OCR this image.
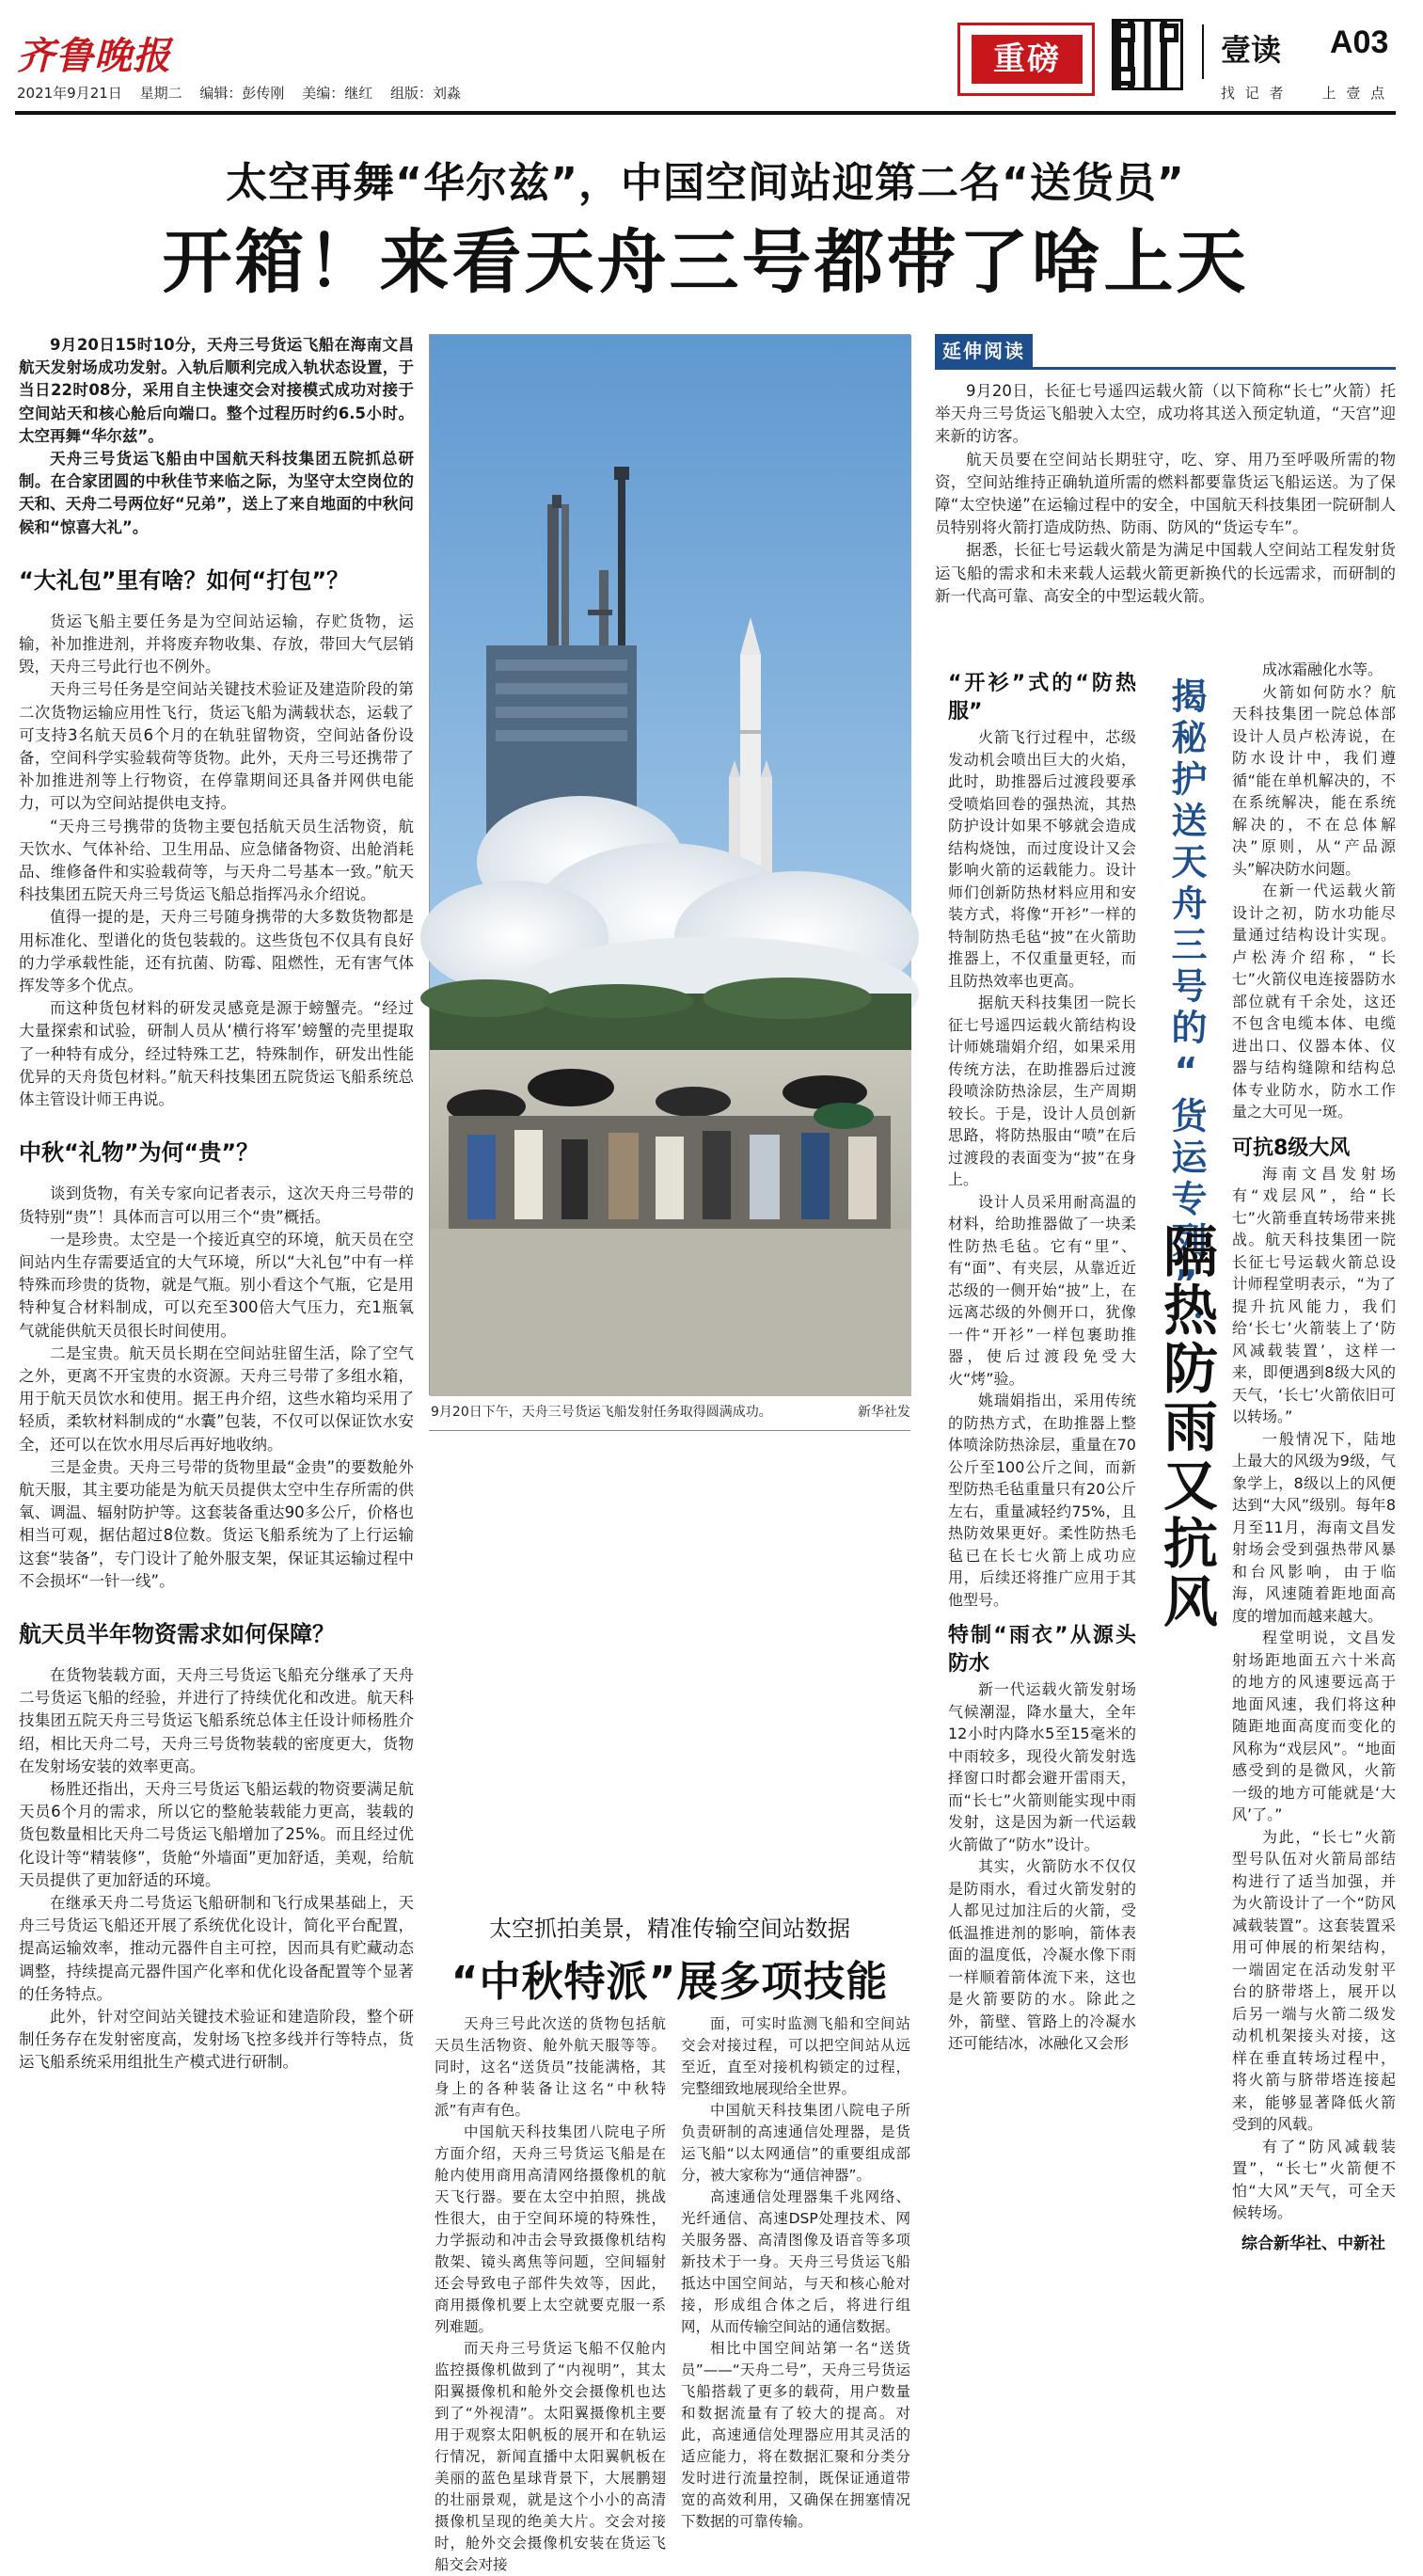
齐鲁晚报
2021年9月21日 星期二 编辑：彭传刚 美编：继红 组版：刘淼
重磅	壹读 A03
找 记 者	上 壹 点
太空再舞“华尔兹”，中国空间站迎第二名“送货员”
开箱！来看天舟三号都带了啥上天

9月20日15时10分，天舟三号货运飞船在海南文昌航天发射场成功发射。入轨后顺利完成入轨状态设置，于当日22时08分，采用自主快速交会对接模式成功对接于空间站天和核心舱后向端口。整个过程历时约6.5小时。太空再舞“华尔兹”。

天舟三号货运飞船由中国航天科技集团五院抓总研制。在合家团圆的中秋佳节来临之际，为坚守太空岗位的天和、天舟二号两位好“兄弟”，送上了来自地面的中秋问候和“惊喜大礼”。

“大礼包”里有啥？如何“打包”？

货运飞船主要任务是为空间站运输，存贮货物，运输，补加推进剂，并将废弃物收集、存放，带回大气层销毁，天舟三号此行也不例外。

天舟三号任务是空间站关键技术验证及建造阶段的第二次货物运输应用性飞行，货运飞船为满载状态，运载了可支持3名航天员6个月的在轨驻留物资，空间站备份设备，空间科学实验载荷等货物。此外，天舟三号还携带了补加推进剂等上行物资，在停靠期间还具备并网供电能力，可以为空间站提供电支持。

“天舟三号携带的货物主要包括航天员生活物资，航天饮水、气体补给、卫生用品、应急储备物资、出舱消耗品、维修备件和实验载荷等，与天舟二号基本一致。”航天科技集团五院天舟三号货运飞船总指挥冯永介绍说。

值得一提的是，天舟三号随身携带的大多数货物都是用标准化、型谱化的货包装载的。这些货包不仅具有良好的力学承载性能，还有抗菌、防霉、阻燃性，无有害气体挥发等多个优点。

而这种货包材料的研发灵感竟是源于螃蟹壳。“经过大量探索和试验，研制人员从‘横行将军’螃蟹的壳里提取了一种特有成分，经过特殊工艺，特殊制作，研发出性能优异的天舟货包材料。”航天科技集团五院货运飞船系统总体主管设计师王冉说。

中秋“礼物”为何“贵”？

谈到货物，有关专家向记者表示，这次天舟三号带的货特别“贵”！具体而言可以用三个“贵”概括。

一是珍贵。太空是一个接近真空的环境，航天员在空间站内生存需要适宜的大气环境，所以“大礼包”中有一样特殊而珍贵的货物，就是气瓶。别小看这个气瓶，它是用特种复合材料制成，可以充至300倍大气压力，充1瓶氧气就能供航天员很长时间使用。

二是宝贵。航天员长期在空间站驻留生活，除了空气之外，更离不开宝贵的水资源。天舟三号带了多组水箱，用于航天员饮水和使用。据王冉介绍，这些水箱均采用了轻质，柔软材料制成的“水囊”包装，不仅可以保证饮水安全，还可以在饮水用尽后再好地收纳。

三是金贵。天舟三号带的货物里最“金贵”的要数舱外航天服，其主要功能是为航天员提供太空中生存所需的供氧、调温、辐射防护等。这套装备重达90多公斤，价格也相当可观，据估超过8位数。货运飞船系统为了上行运输这套“装备”，专门设计了舱外服支架，保证其运输过程中不会损坏“一针一线”。

航天员半年物资需求如何保障？

在货物装载方面，天舟三号货运飞船充分继承了天舟二号货运飞船的经验，并进行了持续优化和改进。航天科技集团五院天舟三号货运飞船系统总体主任设计师杨胜介绍，相比天舟二号，天舟三号货物装载的密度更大，货物在发射场安装的效率更高。

杨胜还指出，天舟三号货运飞船运载的物资要满足航天员6个月的需求，所以它的整舱装载能力更高，装载的货包数量相比天舟二号货运飞船增加了25%。而且经过优化设计等“精装修”，货舱“外墙面”更加舒适，美观，给航天员提供了更加舒适的环境。

在继承天舟二号货运飞船研制和飞行成果基础上，天舟三号货运飞船还开展了系统优化设计，简化平台配置，提高运输效率，推动元器件自主可控，因而具有贮藏动态调整，持续提高元器件国产化率和优化设备配置等个显著的任务特点。

此外，针对空间站关键技术验证和建造阶段，整个研制任务存在发射密度高，发射场飞控多线并行等特点，货运飞船系统采用组批生产模式进行研制。

9月20日下午，天舟三号货运飞船发射任务取得圆满成功。	新华社发
太空抓拍美景，精准传输空间站数据
“中秋特派”展多项技能

天舟三号此次送的货物包括航天员生活物资、舱外航天服等等。同时，这名“送货员”技能满格，其身上的各种装备让这名“中秋特派”有声有色。

中国航天科技集团八院电子所方面介绍，天舟三号货运飞船是在舱内使用商用高清网络摄像机的航天飞行器。要在太空中拍照，挑战性很大，由于空间环境的特殊性，力学振动和冲击会导致摄像机结构散架、镜头离焦等问题，空间辐射还会导致电子部件失效等，因此，商用摄像机要上太空就要克服一系列难题。

而天舟三号货运飞船不仅舱内监控摄像机做到了“内视明”，其太阳翼摄像机和舱外交会摄像机也达到了“外视清”。太阳翼摄像机主要用于观察太阳帆板的展开和在轨运行情况，新闻直播中太阳翼帆板在美丽的蓝色星球背景下，大展鹏翅的壮丽景观，就是这个小小的高清摄像机呈现的绝美大片。交会对接时，舱外交会摄像机安装在货运飞船交会对接

面，可实时监测飞船和空间站交会对接过程，可以把空间站从远至近，直至对接机构锁定的过程，完整细致地展现给全世界。

中国航天科技集团八院电子所负责研制的高速通信处理器，是货运飞船“以太网通信”的重要组成部分，被大家称为“通信神器”。

高速通信处理器集千兆网络、光纤通信、高速DSP处理技术、网关服务器、高清图像及语音等多项新技术于一身。天舟三号货运飞船抵达中国空间站，与天和核心舱对接，形成组合体之后，将进行组网，从而传输空间站的通信数据。

相比中国空间站第一名“送货员”——“天舟二号”，天舟三号货运飞船搭载了更多的载荷，用户数量和数据流量有了较大的提高。对此，高速通信处理器应用其灵活的适应能力，将在数据汇聚和分类分发时进行流量控制，既保证通道带宽的高效利用，又确保在拥塞情况下数据的可靠传输。

延伸阅读

9月20日，长征七号遥四运载火箭（以下简称“长七”火箭）托举天舟三号货运飞船驶入太空，成功将其送入预定轨道，“天宫”迎来新的访客。

航天员要在空间站长期驻守，吃、穿、用乃至呼吸所需的物资，空间站维持正确轨道所需的燃料都要靠货运飞船运送。为了保障“太空快递”在运输过程中的安全，中国航天科技集团一院研制人员特别将火箭打造成防热、防雨、防风的“货运专车”。

据悉，长征七号运载火箭是为满足中国载人空间站工程发射货运飞船的需求和未来载人运载火箭更新换代的长远需求，而研制的新一代高可靠、高安全的中型运载火箭。

“开衫”式的“防热服”

火箭飞行过程中，芯级发动机会喷出巨大的火焰，此时，助推器后过渡段要承受喷焰回卷的强热流，其热防护设计如果不够就会造成结构烧蚀，而过度设计又会影响火箭的运载能力。设计师们创新防热材料应用和安装方式，将像“开衫”一样的特制防热毛毡“披”在火箭助推器上，不仅重量更轻，而且防热效率也更高。

据航天科技集团一院长征七号遥四运载火箭结构设计师姚瑞娟介绍，如果采用传统方法，在助推器后过渡段喷涂防热涂层，生产周期较长。于是，设计人员创新思路，将防热服由“喷”在后过渡段的表面变为“披”在身上。

设计人员采用耐高温的材料，给助推器做了一块柔性防热毛毡。它有“里”、有“面”、有夹层，从靠近近芯级的一侧开始“披”上，在远离芯级的外侧开口，犹像一件“开衫”一样包裹助推器，使后过渡段免受大火“烤”验。

姚瑞娟指出，采用传统的防热方式，在助推器上整体喷涂防热涂层，重量在70公斤至100公斤之间，而新型防热毛毡重量只有20公斤左右，重量减轻约75%，且热防效果更好。柔性防热毛毡已在长七火箭上成功应用，后续还将推广应用于其他型号。

特制“雨衣”从源头防水

新一代运载火箭发射场气候潮湿，降水量大，全年12小时内降水5至15毫米的中雨较多，现役火箭发射选择窗口时都会避开雷雨天，而“长七”火箭则能实现中雨发射，这是因为新一代运载火箭做了“防水”设计。

其实，火箭防水不仅仅是防雨水，看过火箭发射的人都见过加注后的火箭，受低温推进剂的影响，箭体表面的温度低，冷凝水像下雨一样顺着箭体流下来，这也是火箭要防的水。除此之外，箭壁、管路上的冷凝水还可能结冰，冰融化又会形

揭秘护送天舟三号的“货运专列”：
隔热防雨又抗风

成冰霜融化水等。

火箭如何防水？航天科技集团一院总体部设计人员卢松涛说，在防水设计中，我们遵循“能在单机解决的，不在系统解决，能在系统解决的，不在总体解决”原则，从“产品源头”解决防水问题。

在新一代运载火箭设计之初，防水功能尽量通过结构设计实现。卢松涛介绍称，“长七”火箭仪电连接器防水部位就有千余处，这还不包含电缆本体、电缆进出口、仪器本体、仪器与结构缝隙和结构总体专业防水，防水工作量之大可见一斑。

可抗8级大风

海南文昌发射场有“戏层风”，给“长七”火箭垂直转场带来挑战。航天科技集团一院长征七号运载火箭总设计师程堂明表示，“为了提升抗风能力，我们给‘长七’火箭装上了‘防风减载装置’，这样一来，即便遇到8级大风的天气，‘长七’火箭依旧可以转场。”

一般情况下，陆地上最大的风级为9级，气象学上，8级以上的风便达到“大风”级别。每年8月至11月，海南文昌发射场会受到强热带风暴和台风影响，由于临海，风速随着距地面高度的增加而越来越大。

程堂明说，文昌发射场距地面五六十米高的地方的风速要远高于地面风速，我们将这种随距地面高度而变化的风称为“戏层风”。“地面感受到的是微风，火箭一级的地方可能就是‘大风’了。”

为此，“长七”火箭型号队伍对火箭局部结构进行了适当加强，并为火箭设计了一个“防风减载装置”。这套装置采用可伸展的桁架结构，一端固定在活动发射平台的脐带塔上，展开以后另一端与火箭二级发动机机架接头对接，这样在垂直转场过程中，将火箭与脐带塔连接起来，能够显著降低火箭受到的风载。

有了“防风减载装置”，“长七”火箭便不怕“大风”天气，可全天候转场。

综合新华社、中新社
